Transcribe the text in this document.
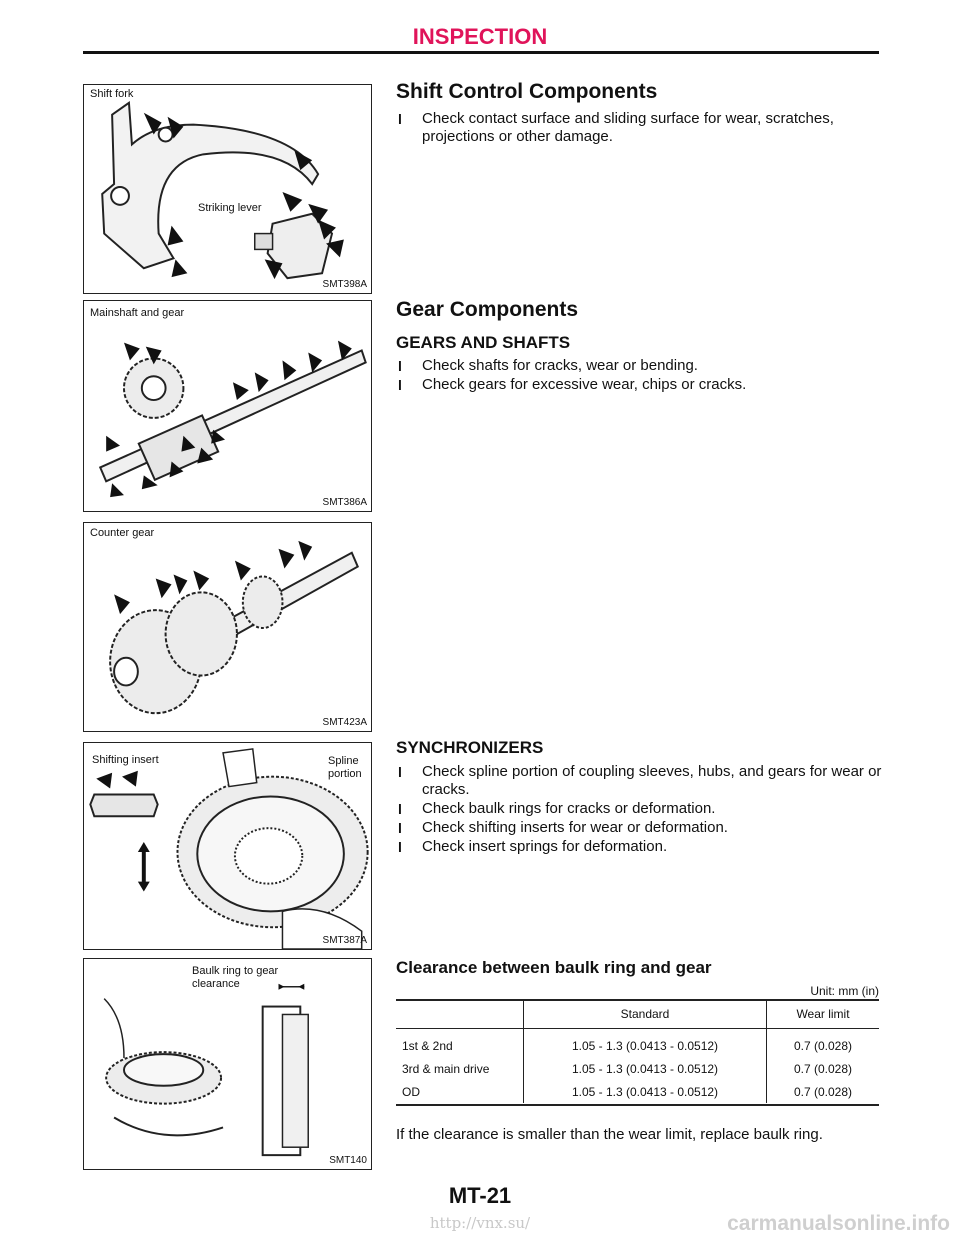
INSPECTION
Shift fork
Striking lever
SMT398A
Mainshaft and gear
SMT386A
Counter gear
SMT423A
Shifting insert	Spline portion
SMT387A
Baulk ring to gear clearance
SMT140
Shift Control Components
l Check contact surface and sliding surface for wear, scratches, projections or other damage.
Gear Components
GEARS AND SHAFTS
l Check shafts for cracks, wear or bending.
l Check gears for excessive wear, chips or cracks.
SYNCHRONIZERS
l Check spline portion of coupling sleeves, hubs, and gears for wear or cracks.
l Check baulk rings for cracks or deformation.
l Check shifting inserts for wear or deformation.
l Check insert springs for deformation.
Clearance between baulk ring and gear
Unit: mm (in)
	Standard	Wear limit
1st & 2nd	1.05 - 1.3 (0.0413 - 0.0512)	0.7 (0.028)
3rd & main drive	1.05 - 1.3 (0.0413 - 0.0512)	0.7 (0.028)
OD	1.05 - 1.3 (0.0413 - 0.0512)	0.7 (0.028)
If the clearance is smaller than the wear limit, replace baulk ring.
MT-21
http://vnx.su/	carmanualsonline.info
